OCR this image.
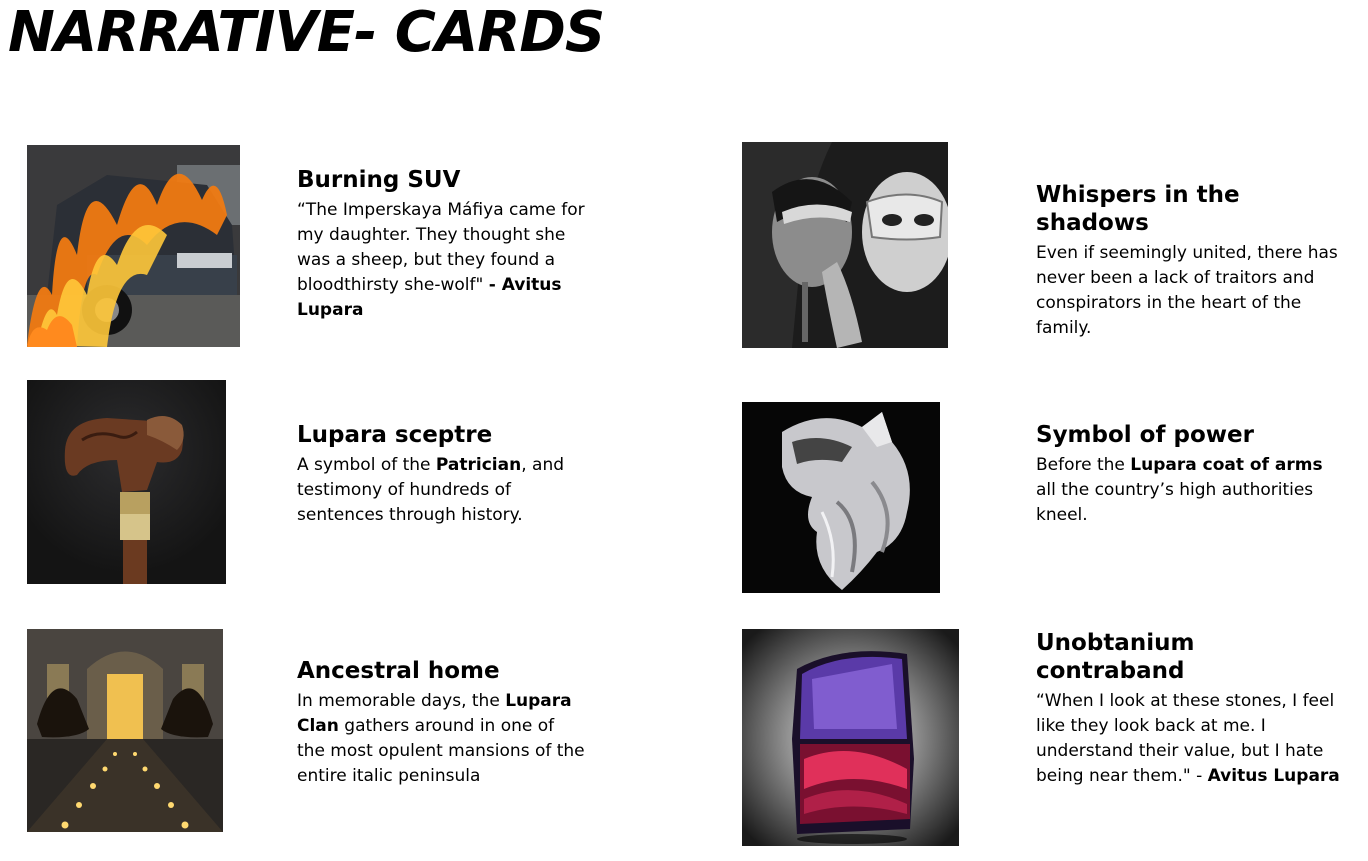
NARRATIVE- CARDS
Burning SUV

“The Imperskaya Máfiya came for my daughter. They thought she was a sheep, but they found a bloodthirsty she-wolf" - Avitus Lupara

Lupara sceptre

A symbol of the Patrician, and testimony of hundreds of sentences through history.

Ancestral home

In memorable days, the Lupara Clan gathers around in one of the most opulent mansions of the entire italic peninsula

Whispers in the shadows

Even if seemingly united, there has never been a lack of traitors and conspirators in the heart of the family.

Symbol of power

Before the Lupara coat of arms all the country’s high authorities kneel.

Unobtanium contraband

“When I look at these stones, I feel like they look back at me. I understand their value, but I hate being near them." - Avitus Lupara
